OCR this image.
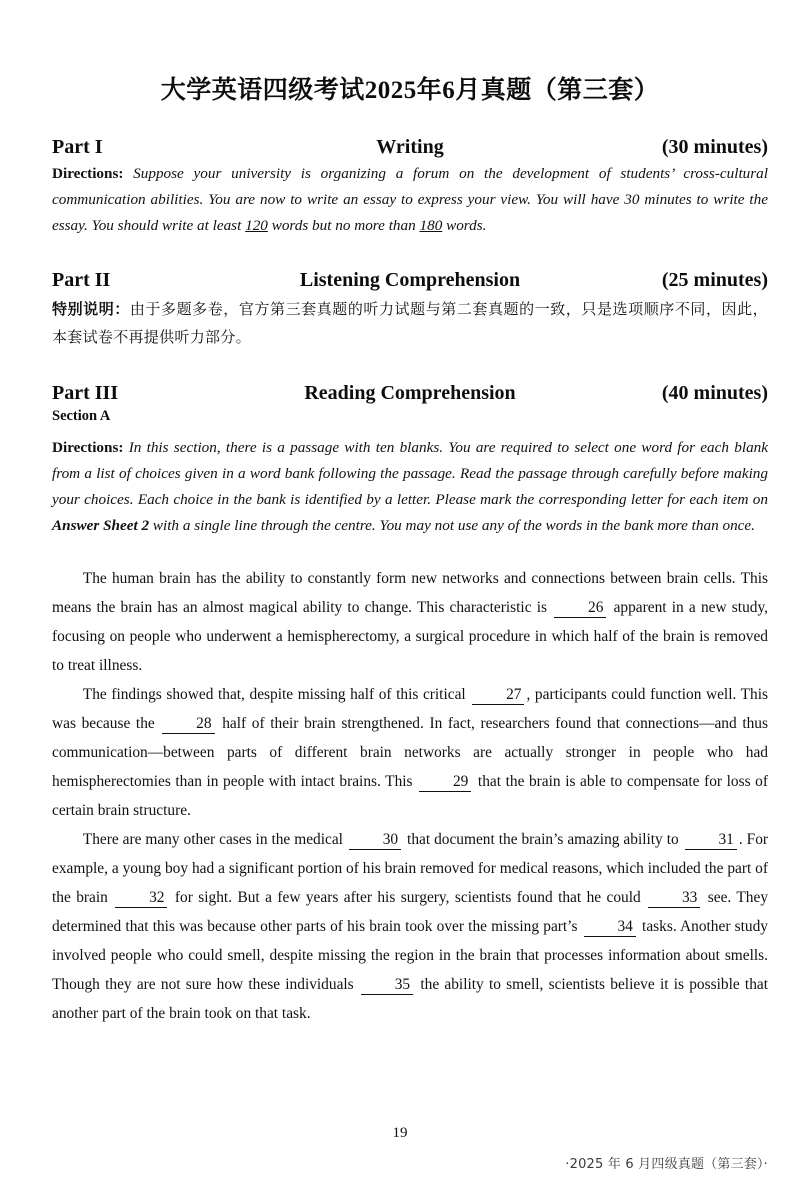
大学英语四级考试2025年6月真题（第三套）
Part I	Writing	(30 minutes)
Directions: Suppose your university is organizing a forum on the development of students’ cross-cultural communication abilities. You are now to write an essay to express your view. You will have 30 minutes to write the essay. You should write at least 120 words but no more than 180 words.
Part II	Listening Comprehension	(25 minutes)
特别说明：由于多题多卷，官方第三套真题的听力试题与第二套真题的一致，只是选项顺序不同，因此，本套试卷不再提供听力部分。
Part III	Reading Comprehension	(40 minutes)
Section A
Directions: In this section, there is a passage with ten blanks. You are required to select one word for each blank from a list of choices given in a word bank following the passage. Read the passage through carefully before making your choices. Each choice in the bank is identified by a letter. Please mark the corresponding letter for each item on Answer Sheet 2 with a single line through the centre. You may not use any of the words in the bank more than once.

The human brain has the ability to constantly form new networks and connections between brain cells. This means the brain has an almost magical ability to change. This characteristic is 26 apparent in a new study, focusing on people who underwent a hemispherectomy, a surgical procedure in which half of the brain is removed to treat illness.

The findings showed that, despite missing half of this critical 27 , participants could function well. This was because the 28 half of their brain strengthened. In fact, researchers found that connections—and thus communication—between parts of different brain networks are actually stronger in people who had hemispherectomies than in people with intact brains. This 29 that the brain is able to compensate for loss of certain brain structure.

There are many other cases in the medical 30 that document the brain’s amazing ability to 31 . For example, a young boy had a significant portion of his brain removed for medical reasons, which included the part of the brain 32 for sight. But a few years after his surgery, scientists found that he could 33 see. They determined that this was because other parts of his brain took over the missing part’s 34 tasks. Another study involved people who could smell, despite missing the region in the brain that processes information about smells. Though they are not sure how these individuals 35 the ability to smell, scientists believe it is possible that another part of the brain took on that task.

19
·2025 年 6 月四级真题（第三套）·
